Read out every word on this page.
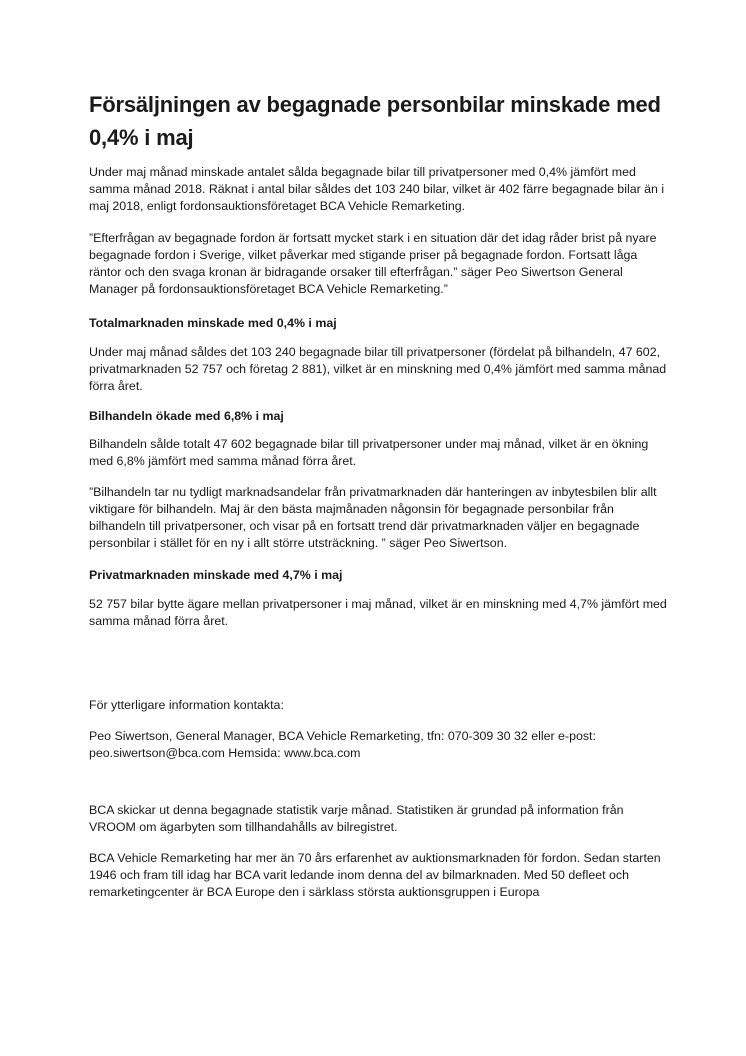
Försäljningen av begagnade personbilar minskade med 0,4% i maj

Under maj månad minskade antalet sålda begagnade bilar till privatpersoner med 0,4% jämfört med samma månad 2018. Räknat i antal bilar såldes det 103 240 bilar, vilket är 402 färre begagnade bilar än i maj 2018, enligt fordonsauktionsföretaget BCA Vehicle Remarketing.

”Efterfrågan av begagnade fordon är fortsatt mycket stark i en situation där det idag råder brist på nyare begagnade fordon i Sverige, vilket påverkar med stigande priser på begagnade fordon. Fortsatt låga räntor och den svaga kronan är bidragande orsaker till efterfrågan.” säger Peo Siwertson General Manager på fordonsauktionsföretaget BCA Vehicle Remarketing.”

Totalmarknaden minskade med 0,4% i maj

Under maj månad såldes det 103 240 begagnade bilar till privatpersoner (fördelat på bilhandeln, 47 602, privatmarknaden 52 757 och företag 2 881), vilket är en minskning med 0,4% jämfört med samma månad förra året.

Bilhandeln ökade med 6,8% i maj

Bilhandeln sålde totalt 47 602 begagnade bilar till privatpersoner under maj månad, vilket är en ökning med 6,8% jämfört med samma månad förra året.

”Bilhandeln tar nu tydligt marknadsandelar från privatmarknaden där hanteringen av inbytesbilen blir allt viktigare för bilhandeln. Maj är den bästa majmånaden någonsin för begagnade personbilar från bilhandeln till privatpersoner, och visar på en fortsatt trend där privatmarknaden väljer en begagnade personbilar i stället för en ny i allt större utsträckning. ” säger Peo Siwertson.

Privatmarknaden minskade med 4,7% i maj

52 757 bilar bytte ägare mellan privatpersoner i maj månad, vilket är en minskning med 4,7% jämfört med samma månad förra året.

För ytterligare information kontakta:

Peo Siwertson, General Manager, BCA Vehicle Remarketing, tfn: 070-309 30 32 eller e-post: peo.siwertson@bca.com Hemsida: www.bca.com

BCA skickar ut denna begagnade statistik varje månad. Statistiken är grundad på information från VROOM om ägarbyten som tillhandahålls av bilregistret.

BCA Vehicle Remarketing har mer än 70 års erfarenhet av auktionsmarknaden för fordon. Sedan starten 1946 och fram till idag har BCA varit ledande inom denna del av bilmarknaden. Med 50 defleet och remarketingcenter är BCA Europe den i särklass största auktionsgruppen i Europa
